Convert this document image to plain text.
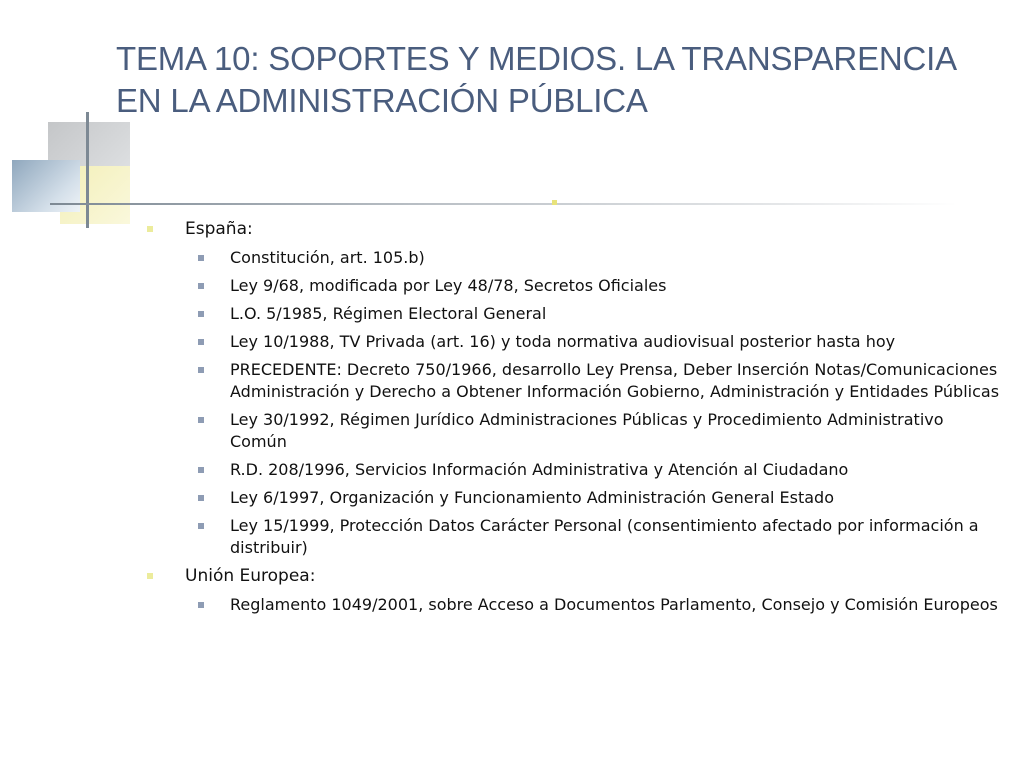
TEMA 10: SOPORTES Y MEDIOS. LA TRANSPARENCIA EN LA ADMINISTRACIÓN PÚBLICA
España:
Constitución, art. 105.b)
Ley 9/68, modificada por Ley 48/78, Secretos Oficiales
L.O. 5/1985, Régimen Electoral General
Ley 10/1988, TV Privada (art. 16) y toda normativa audiovisual posterior hasta hoy
PRECEDENTE: Decreto 750/1966, desarrollo Ley Prensa, Deber Inserción Notas/Comunicaciones Administración y Derecho a Obtener Información Gobierno, Administración y Entidades Públicas
Ley 30/1992, Régimen Jurídico Administraciones Públicas y Procedimiento Administrativo Común
R.D. 208/1996, Servicios Información Administrativa y Atención al Ciudadano
Ley 6/1997, Organización y Funcionamiento Administración General Estado
Ley 15/1999, Protección Datos Carácter Personal (consentimiento afectado por información a distribuir)
Unión Europea:
Reglamento 1049/2001, sobre Acceso a Documentos Parlamento, Consejo y Comisión Europeos
